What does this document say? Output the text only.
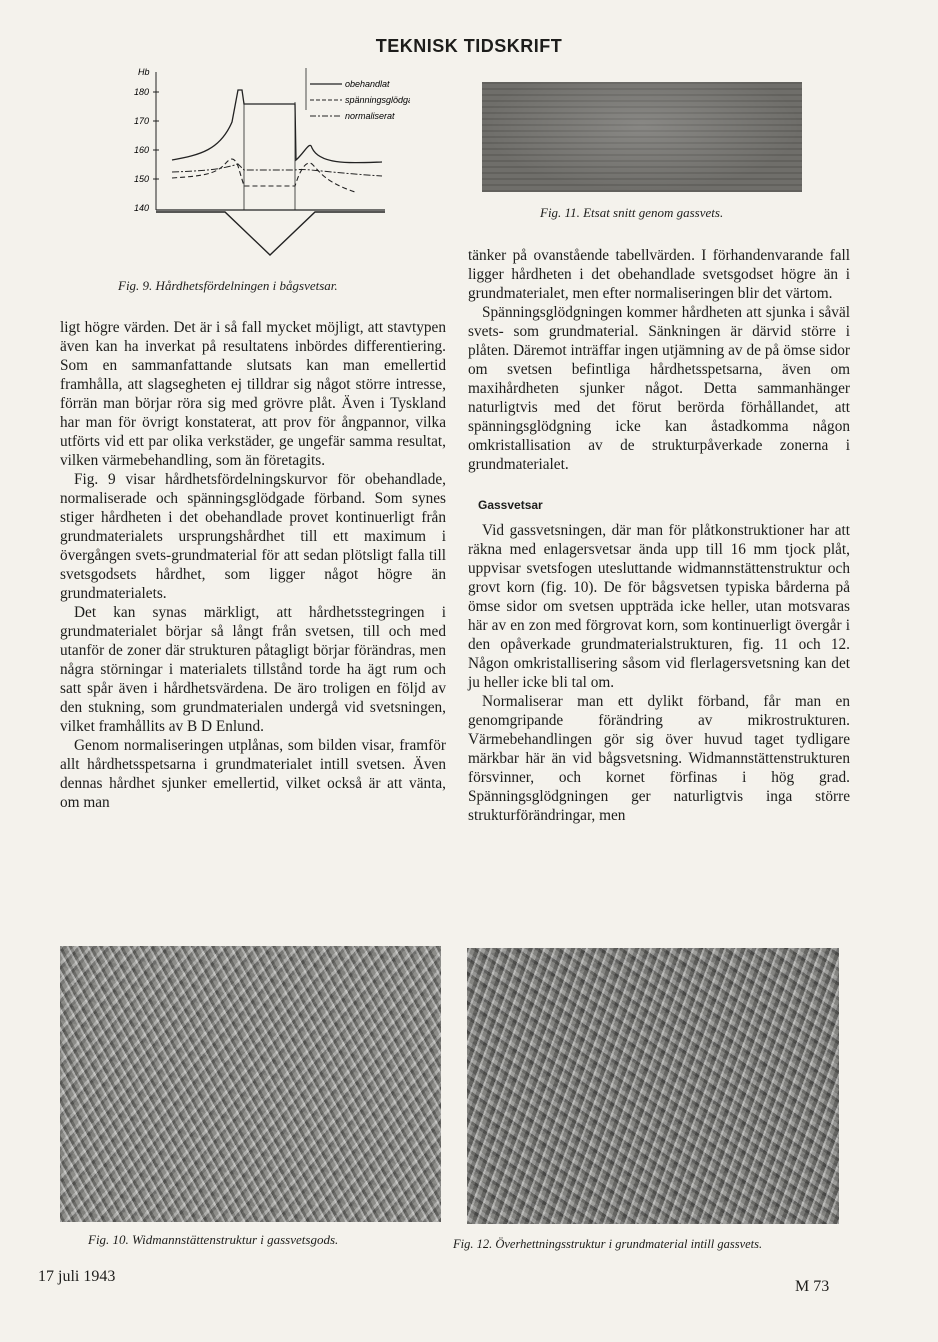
TEKNISK TIDSKRIFT
Hb
180
170
160
150
140
obehandlat
spänningsglödgat
normaliserat
Fig. 9. Hårdhetsfördelningen i bågsvetsar.
Fig. 11. Etsat snitt genom gassvets.

ligt högre värden. Det är i så fall mycket möjligt, att stavtypen även kan ha inverkat på resultatens inbördes differentiering. Som en sammanfattande slutsats kan man emellertid framhålla, att slagsegheten ej tilldrar sig något större intresse, förrän man börjar röra sig med grövre plåt. Även i Tyskland har man för övrigt konstaterat, att prov för ångpannor, vilka utförts vid ett par olika verkstäder, ge ungefär samma resultat, vilken värmebehandling, som än företagits.

Fig. 9 visar hårdhetsfördelningskurvor för obehandlade, normaliserade och spänningsglödgade förband. Som synes stiger hårdheten i det obehandlade provet kontinuerligt från grundmaterialets ursprungshårdhet till ett maximum i övergången svets-grundmaterial för att sedan plötsligt falla till svetsgodsets hårdhet, som ligger något högre än grundmaterialets.

Det kan synas märkligt, att hårdhetsstegringen i grundmaterialet börjar så långt från svetsen, till och med utanför de zoner där strukturen påtagligt börjar förändras, men några störningar i materialets tillstånd torde ha ägt rum och satt spår även i hårdhetsvärdena. De äro troligen en följd av den stukning, som grundmaterialen undergå vid svetsningen, vilket framhållits av B D Enlund.

Genom normaliseringen utplånas, som bilden visar, framför allt hårdhetsspetsarna i grundmaterialet intill svetsen. Även dennas hårdhet sjunker emellertid, vilket också är att vänta, om man

tänker på ovanstående tabellvärden. I förhandenvarande fall ligger hårdheten i det obehandlade svetsgodset högre än i grundmaterialet, men efter normaliseringen blir det värtom.

Spänningsglödgningen kommer hårdheten att sjunka i såväl svets- som grundmaterial. Sänkningen är därvid större i plåten. Däremot inträffar ingen utjämning av de på ömse sidor om svetsen befintliga hårdhetsspetsarna, även om maxihårdheten sjunker något. Detta sammanhänger naturligtvis med det förut berörda förhållandet, att spänningsglödgning icke kan åstadkomma någon omkristallisation av de strukturpåverkade zonerna i grundmaterialet.

Gassvetsar

Vid gassvetsningen, där man för plåtkonstruktioner har att räkna med enlagersvetsar ända upp till 16 mm tjock plåt, uppvisar svetsfogen utesluttande widmannstättenstruktur och grovt korn (fig. 10). De för bågsvetsen typiska bårderna på ömse sidor om svetsen uppträda icke heller, utan motsvaras här av en zon med förgrovat korn, som kontinuerligt övergår i den opåverkade grundmaterialstrukturen, fig. 11 och 12. Någon omkristallisering såsom vid flerlagersvetsning kan det ju heller icke bli tal om.

Normaliserar man ett dylikt förband, får man en genomgripande förändring av mikrostrukturen. Värmebehandlingen gör sig över huvud taget tydligare märkbar här än vid bågsvetsning. Widmannstättenstrukturen försvinner, och kornet förfinas i hög grad. Spänningsglödgningen ger naturligtvis inga större strukturförändringar, men

Fig. 10. Widmannstättenstruktur i gassvetsgods.	Fig. 12. Överhettningsstruktur i grundmaterial intill gassvets.
17 juli 1943
M 73
